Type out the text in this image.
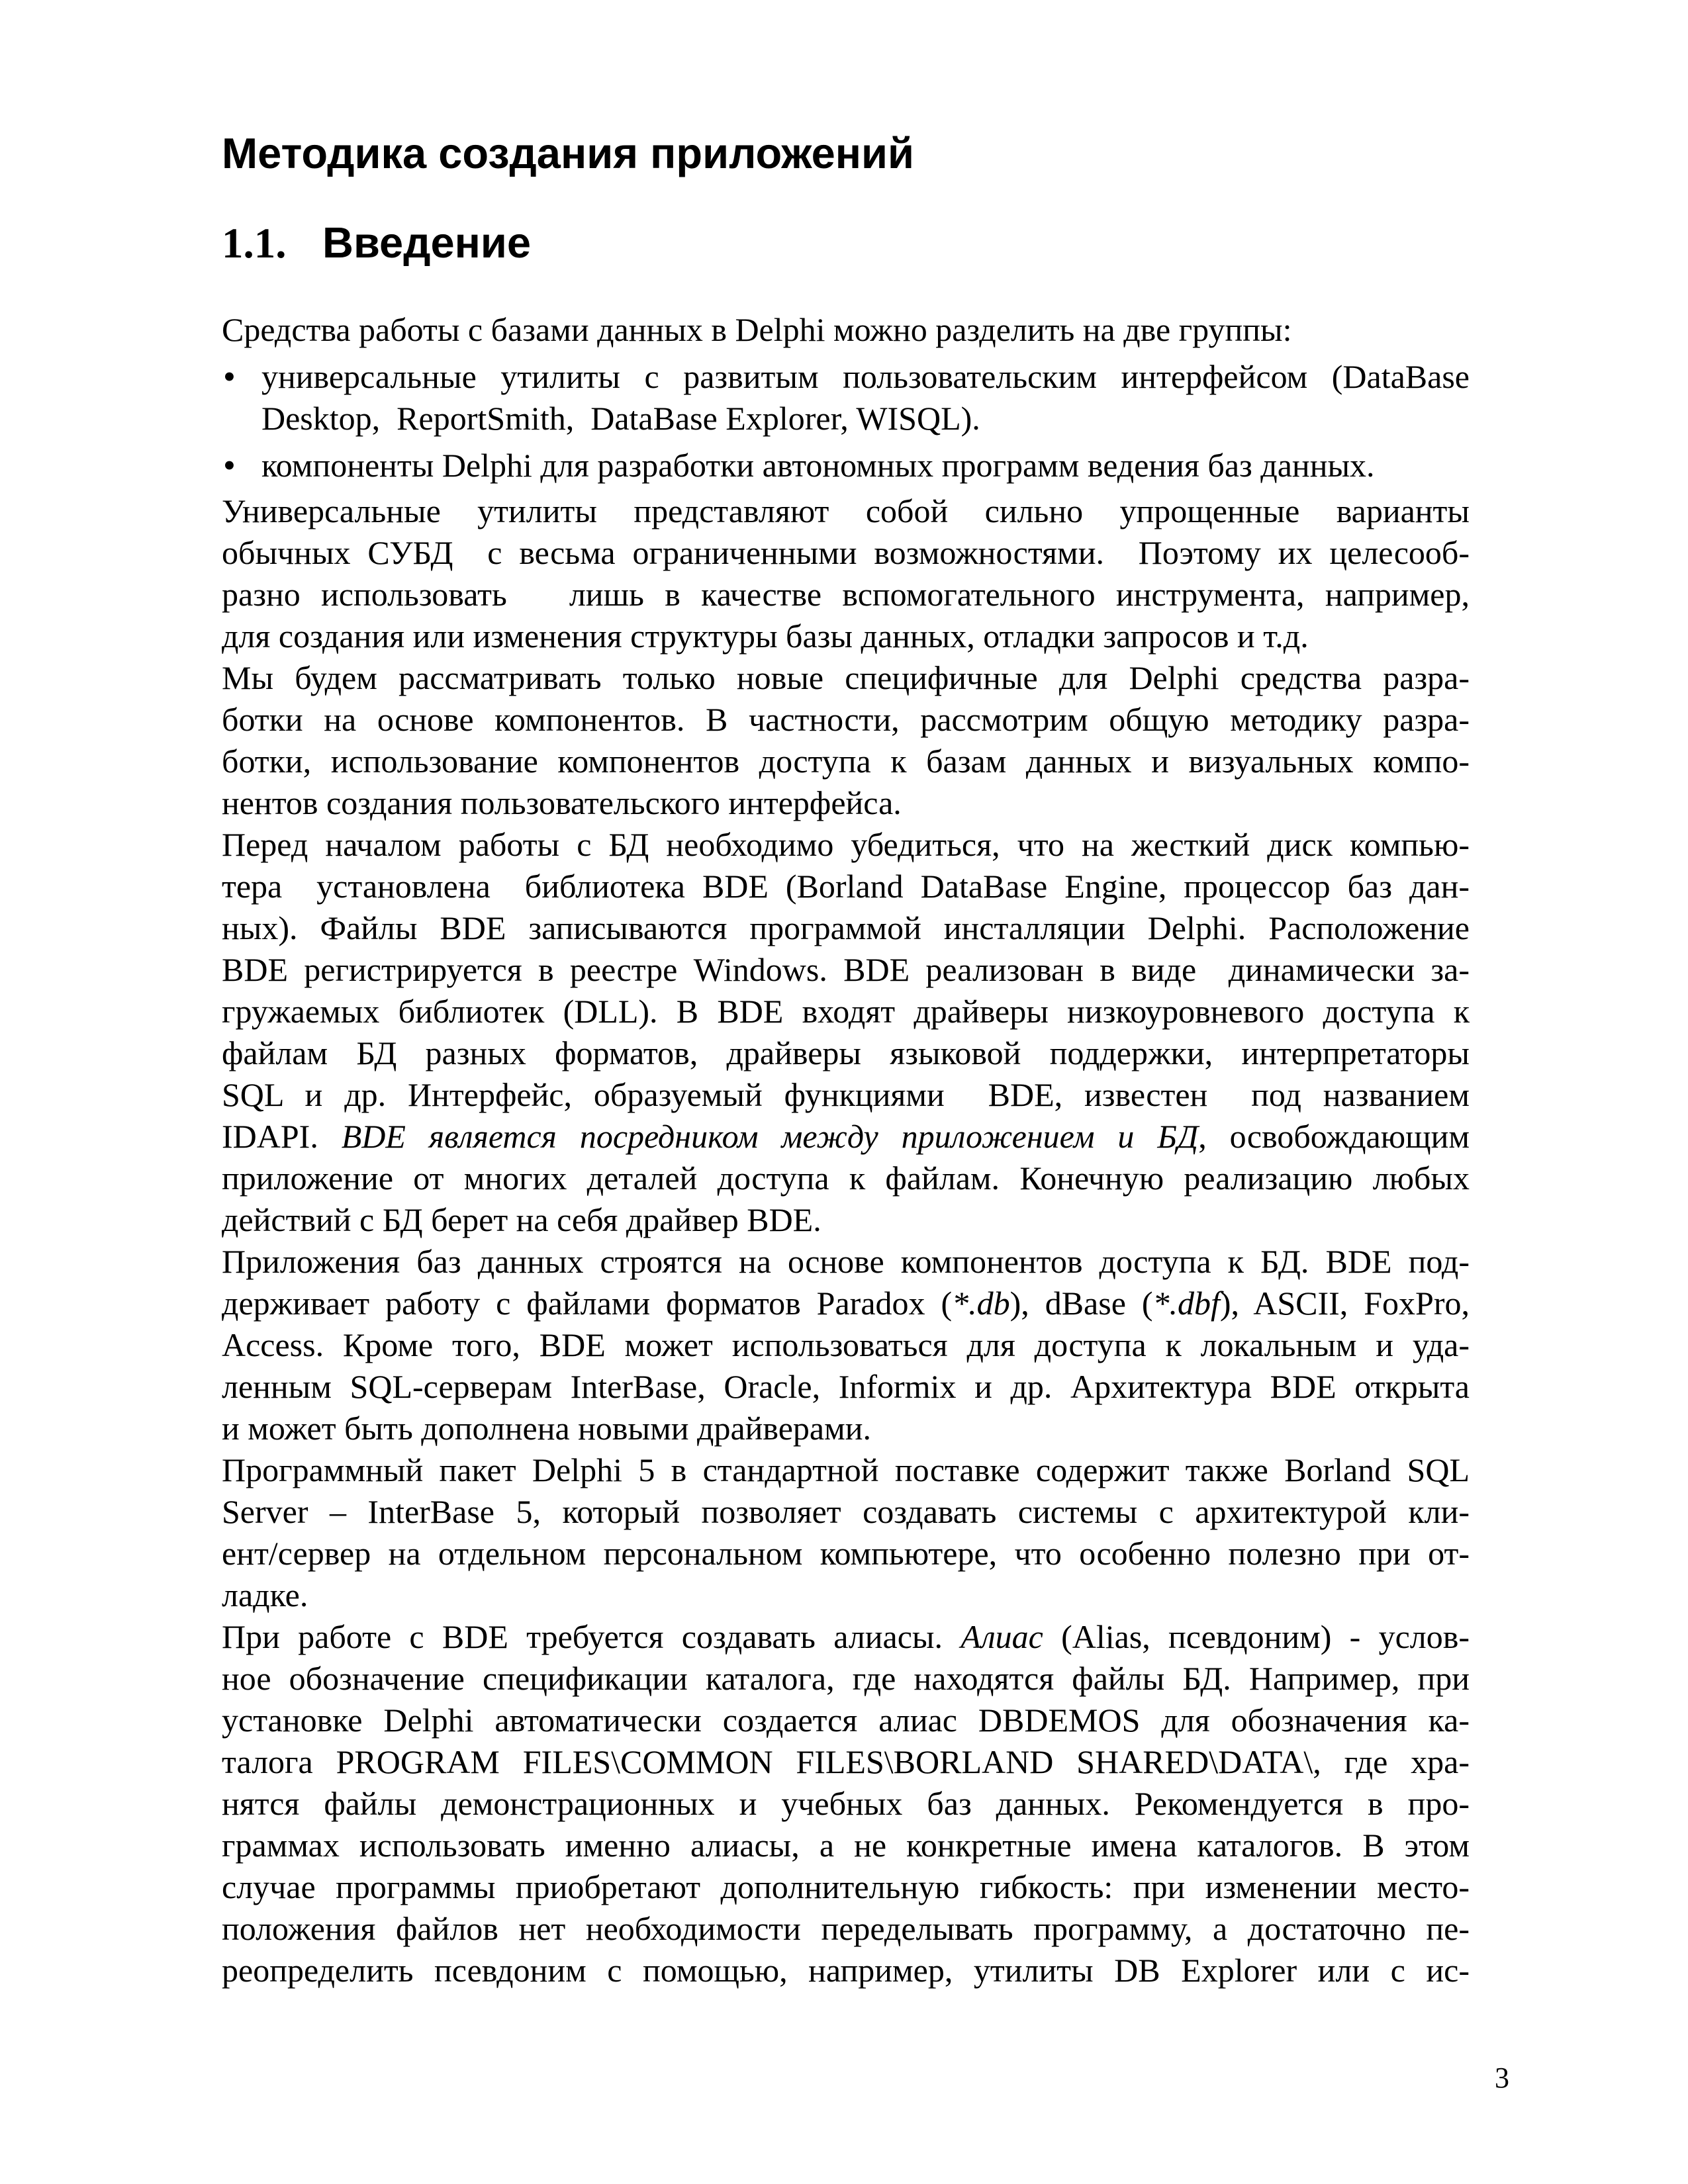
Методика создания приложений
1.1. Введение
Средства работы с базами данных в Delphi можно разделить на две группы:
• универсальные утилиты с развитым пользовательским интерфейсом (DataBase
Desktop,  ReportSmith,  DataBase Explorer, WISQL).
• компоненты Delphi для разработки автономных программ ведения баз данных.
Универсальные утилиты представляют собой сильно упрощенные варианты
обычных СУБД  с весьма ограниченными возможностями.  Поэтому их целесооб-
разно использовать   лишь в качестве вспомогательного инструмента, например,
для создания или изменения структуры базы данных, отладки запросов и т.д.
Мы будем рассматривать только новые специфичные для Delphi средства разра-
ботки на основе компонентов. В частности, рассмотрим общую методику разра-
ботки, использование компонентов доступа к базам данных и визуальных компо-
нентов создания пользовательского интерфейса.
Перед началом работы с БД необходимо убедиться, что на жесткий диск компью-
тера  установлена  библиотека BDE (Borland DataBase Engine, процессор баз дан-
ных). Файлы BDE записываются программой инсталляции Delphi. Расположение
BDE регистрируется в реестре Windows. BDE реализован в виде  динамически за-
гружаемых библиотек (DLL). В BDE входят драйверы низкоуровневого доступа к
файлам БД разных форматов, драйверы языковой поддержки, интерпретаторы
SQL и др. Интерфейс, образуемый функциями  BDE, известен  под названием
IDAPI. BDE является посредником между приложением и БД, освобождающим
приложение от многих деталей доступа к файлам. Конечную реализацию любых
действий с БД берет на себя драйвер BDE.
Приложения баз данных строятся на основе компонентов доступа к БД. BDE под-
держивает работу с файлами форматов Paradox (*.db), dBase (*.dbf), ASCII, FoxPro,
Access. Кроме того, BDE может использоваться для доступа к локальным и уда-
ленным SQL-серверам InterBase, Oracle, Informix и др. Архитектура BDE открыта
и может быть дополнена новыми драйверами.
Программный пакет Delphi 5 в стандартной поставке содержит также Borland SQL
Server – InterBase 5, который позволяет создавать системы с архитектурой кли-
ент/сервер на отдельном персональном компьютере, что особенно полезно при от-
ладке.
При работе с BDE требуется создавать алиасы. Алиас (Alias, псевдоним) - услов-
ное обозначение спецификации каталога, где находятся файлы БД. Например, при
установке Delphi автоматически создается алиас DBDEMOS для обозначения ка-
талога PROGRAM FILES\COMMON FILES\BORLAND SHARED\DATA\, где хра-
нятся файлы демонстрационных и учебных баз данных. Рекомендуется в про-
граммах использовать именно алиасы, а не конкретные имена каталогов. В этом
случае программы приобретают дополнительную гибкость: при изменении место-
положения файлов нет необходимости переделывать программу, а достаточно пе-
реопределить псевдоним с помощью, например, утилиты DB Explorer или с ис-
3
